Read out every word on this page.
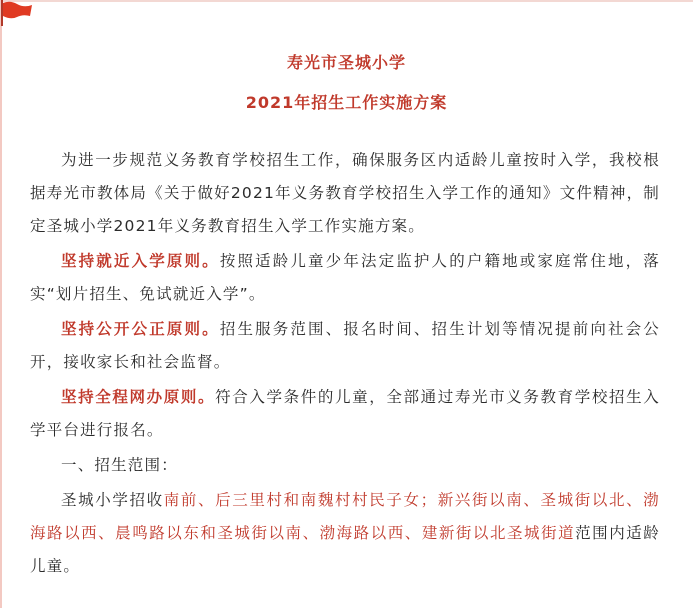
寿光市圣城小学
2021年招生工作实施方案

为进一步规范义务教育学校招生工作，确保服务区内适龄儿童按时入学，我校根据寿光市教体局《关于做好2021年义务教育学校招生入学工作的通知》文件精神，制定圣城小学2021年义务教育招生入学工作实施方案。

坚持就近入学原则。按照适龄儿童少年法定监护人的户籍地或家庭常住地，落实“划片招生、免试就近入学”。

坚持公开公正原则。招生服务范围、报名时间、招生计划等情况提前向社会公开，接收家长和社会监督。

坚持全程网办原则。符合入学条件的儿童，全部通过寿光市义务教育学校招生入学平台进行报名。

一、招生范围：

圣城小学招收南前、后三里村和南魏村村民子女；新兴街以南、圣城街以北、渤海路以西、晨鸣路以东和圣城街以南、渤海路以西、建新街以北圣城街道范围内适龄儿童。
